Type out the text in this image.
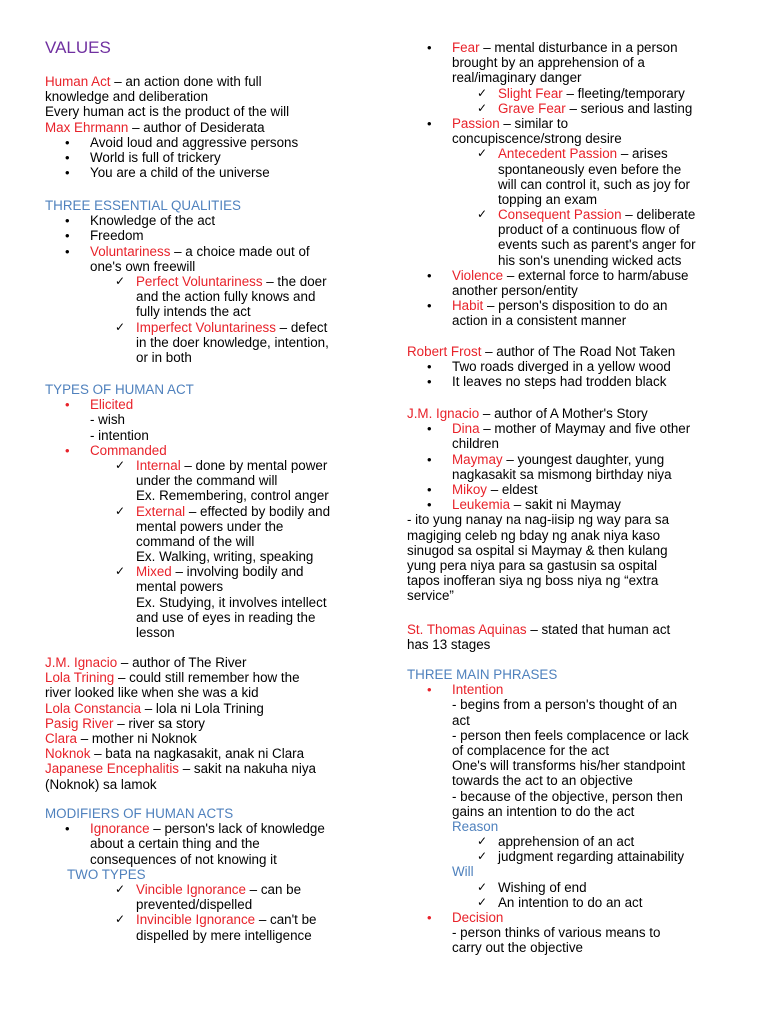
VALUES
Human Act – an action done with full
knowledge and deliberation
Every human act is the product of the will
Max Ehrmann – author of Desiderata
• Avoid loud and aggressive persons
• World is full of trickery
• You are a child of the universe
THREE ESSENTIAL QUALITIES
• Knowledge of the act
• Freedom
• Voluntariness – a choice made out of
one's own freewill
✓ Perfect Voluntariness – the doer
and the action fully knows and
fully intends the act
✓ Imperfect Voluntariness – defect
in the doer knowledge, intention,
or in both
TYPES OF HUMAN ACT
• Elicited
- wish
- intention
• Commanded
✓ Internal – done by mental power
under the command will
Ex. Remembering, control anger
✓ External – effected by bodily and
mental powers under the
command of the will
Ex. Walking, writing, speaking
✓ Mixed – involving bodily and
mental powers
Ex. Studying, it involves intellect
and use of eyes in reading the
lesson
J.M. Ignacio – author of The River
Lola Trining – could still remember how the
river looked like when she was a kid
Lola Constancia – lola ni Lola Trining
Pasig River – river sa story
Clara – mother ni Noknok
Noknok – bata na nagkasakit, anak ni Clara
Japanese Encephalitis – sakit na nakuha niya
(Noknok) sa lamok
MODIFIERS OF HUMAN ACTS
• Ignorance – person's lack of knowledge
about a certain thing and the
consequences of not knowing it
TWO TYPES
✓ Vincible Ignorance – can be
prevented/dispelled
✓ Invincible Ignorance – can't be
dispelled by mere intelligence
• Fear – mental disturbance in a person
brought by an apprehension of a
real/imaginary danger
✓ Slight Fear – fleeting/temporary
✓ Grave Fear – serious and lasting
• Passion – similar to
concupiscence/strong desire
✓ Antecedent Passion – arises
spontaneously even before the
will can control it, such as joy for
topping an exam
✓ Consequent Passion – deliberate
product of a continuous flow of
events such as parent's anger for
his son's unending wicked acts
• Violence – external force to harm/abuse
another person/entity
• Habit – person's disposition to do an
action in a consistent manner
Robert Frost – author of The Road Not Taken
• Two roads diverged in a yellow wood
• It leaves no steps had trodden black
J.M. Ignacio – author of A Mother's Story
• Dina – mother of Maymay and five other
children
• Maymay – youngest daughter, yung
nagkasakit sa mismong birthday niya
• Mikoy – eldest
• Leukemia – sakit ni Maymay
- ito yung nanay na nag-iisip ng way para sa
magiging celeb ng bday ng anak niya kaso
sinugod sa ospital si Maymay & then kulang
yung pera niya para sa gastusin sa ospital
tapos inofferan siya ng boss niya ng “extra
service”
St. Thomas Aquinas – stated that human act
has 13 stages
THREE MAIN PHRASES
• Intention
- begins from a person's thought of an
act
- person then feels complacence or lack
of complacence for the act
One's will transforms his/her standpoint
towards the act to an objective
- because of the objective, person then
gains an intention to do the act
Reason
✓ apprehension of an act
✓ judgment regarding attainability
Will
✓ Wishing of end
✓ An intention to do an act
• Decision
- person thinks of various means to
carry out the objective
